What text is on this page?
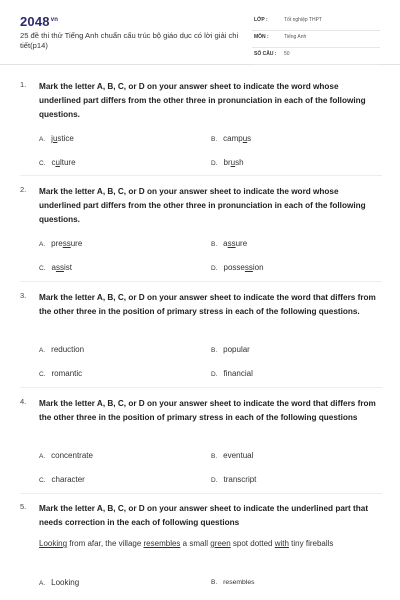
$2048^{vn}$
25 đề thi thử Tiếng Anh chuẩn cấu trúc bộ giáo dục có lời giải chi tiết(p14)
LỚP :	Tốt nghiệp THPT
MÔN :	Tiếng Anh
SỐ CÂU : 50
1. Mark the letter A, B, C, or D on your answer sheet to indicate the word whose underlined part differs from the other three in pronunciation in each of the following questions.
A. justice	B. campus
C. culture	D. brush
2. Mark the letter A, B, C, or D on your answer sheet to indicate the word whose underlined part differs from the other three in pronunciation in each of the following questions.
A. pressure	B. assure
C. assist	D. possession
3. Mark the letter A, B, C, or D on your answer sheet to indicate the word that differs from the other three in the position of primary stress in each of the following questions.
A. reduction	B. popular
C. romantic	D. financial
4. Mark the letter A, B, C, or D on your answer sheet to indicate the word that differs from the other three in the position of primary stress in each of the following questions
A. concentrate	B. eventual
C. character	D. transcript
5. Mark the letter A, B, C, or D on your answer sheet to indicate the underlined part that needs correction in the each of following questions
Looking from afar, the village resembles a small green spot dotted with tiny fireballs
A. Looking	B. resembles
